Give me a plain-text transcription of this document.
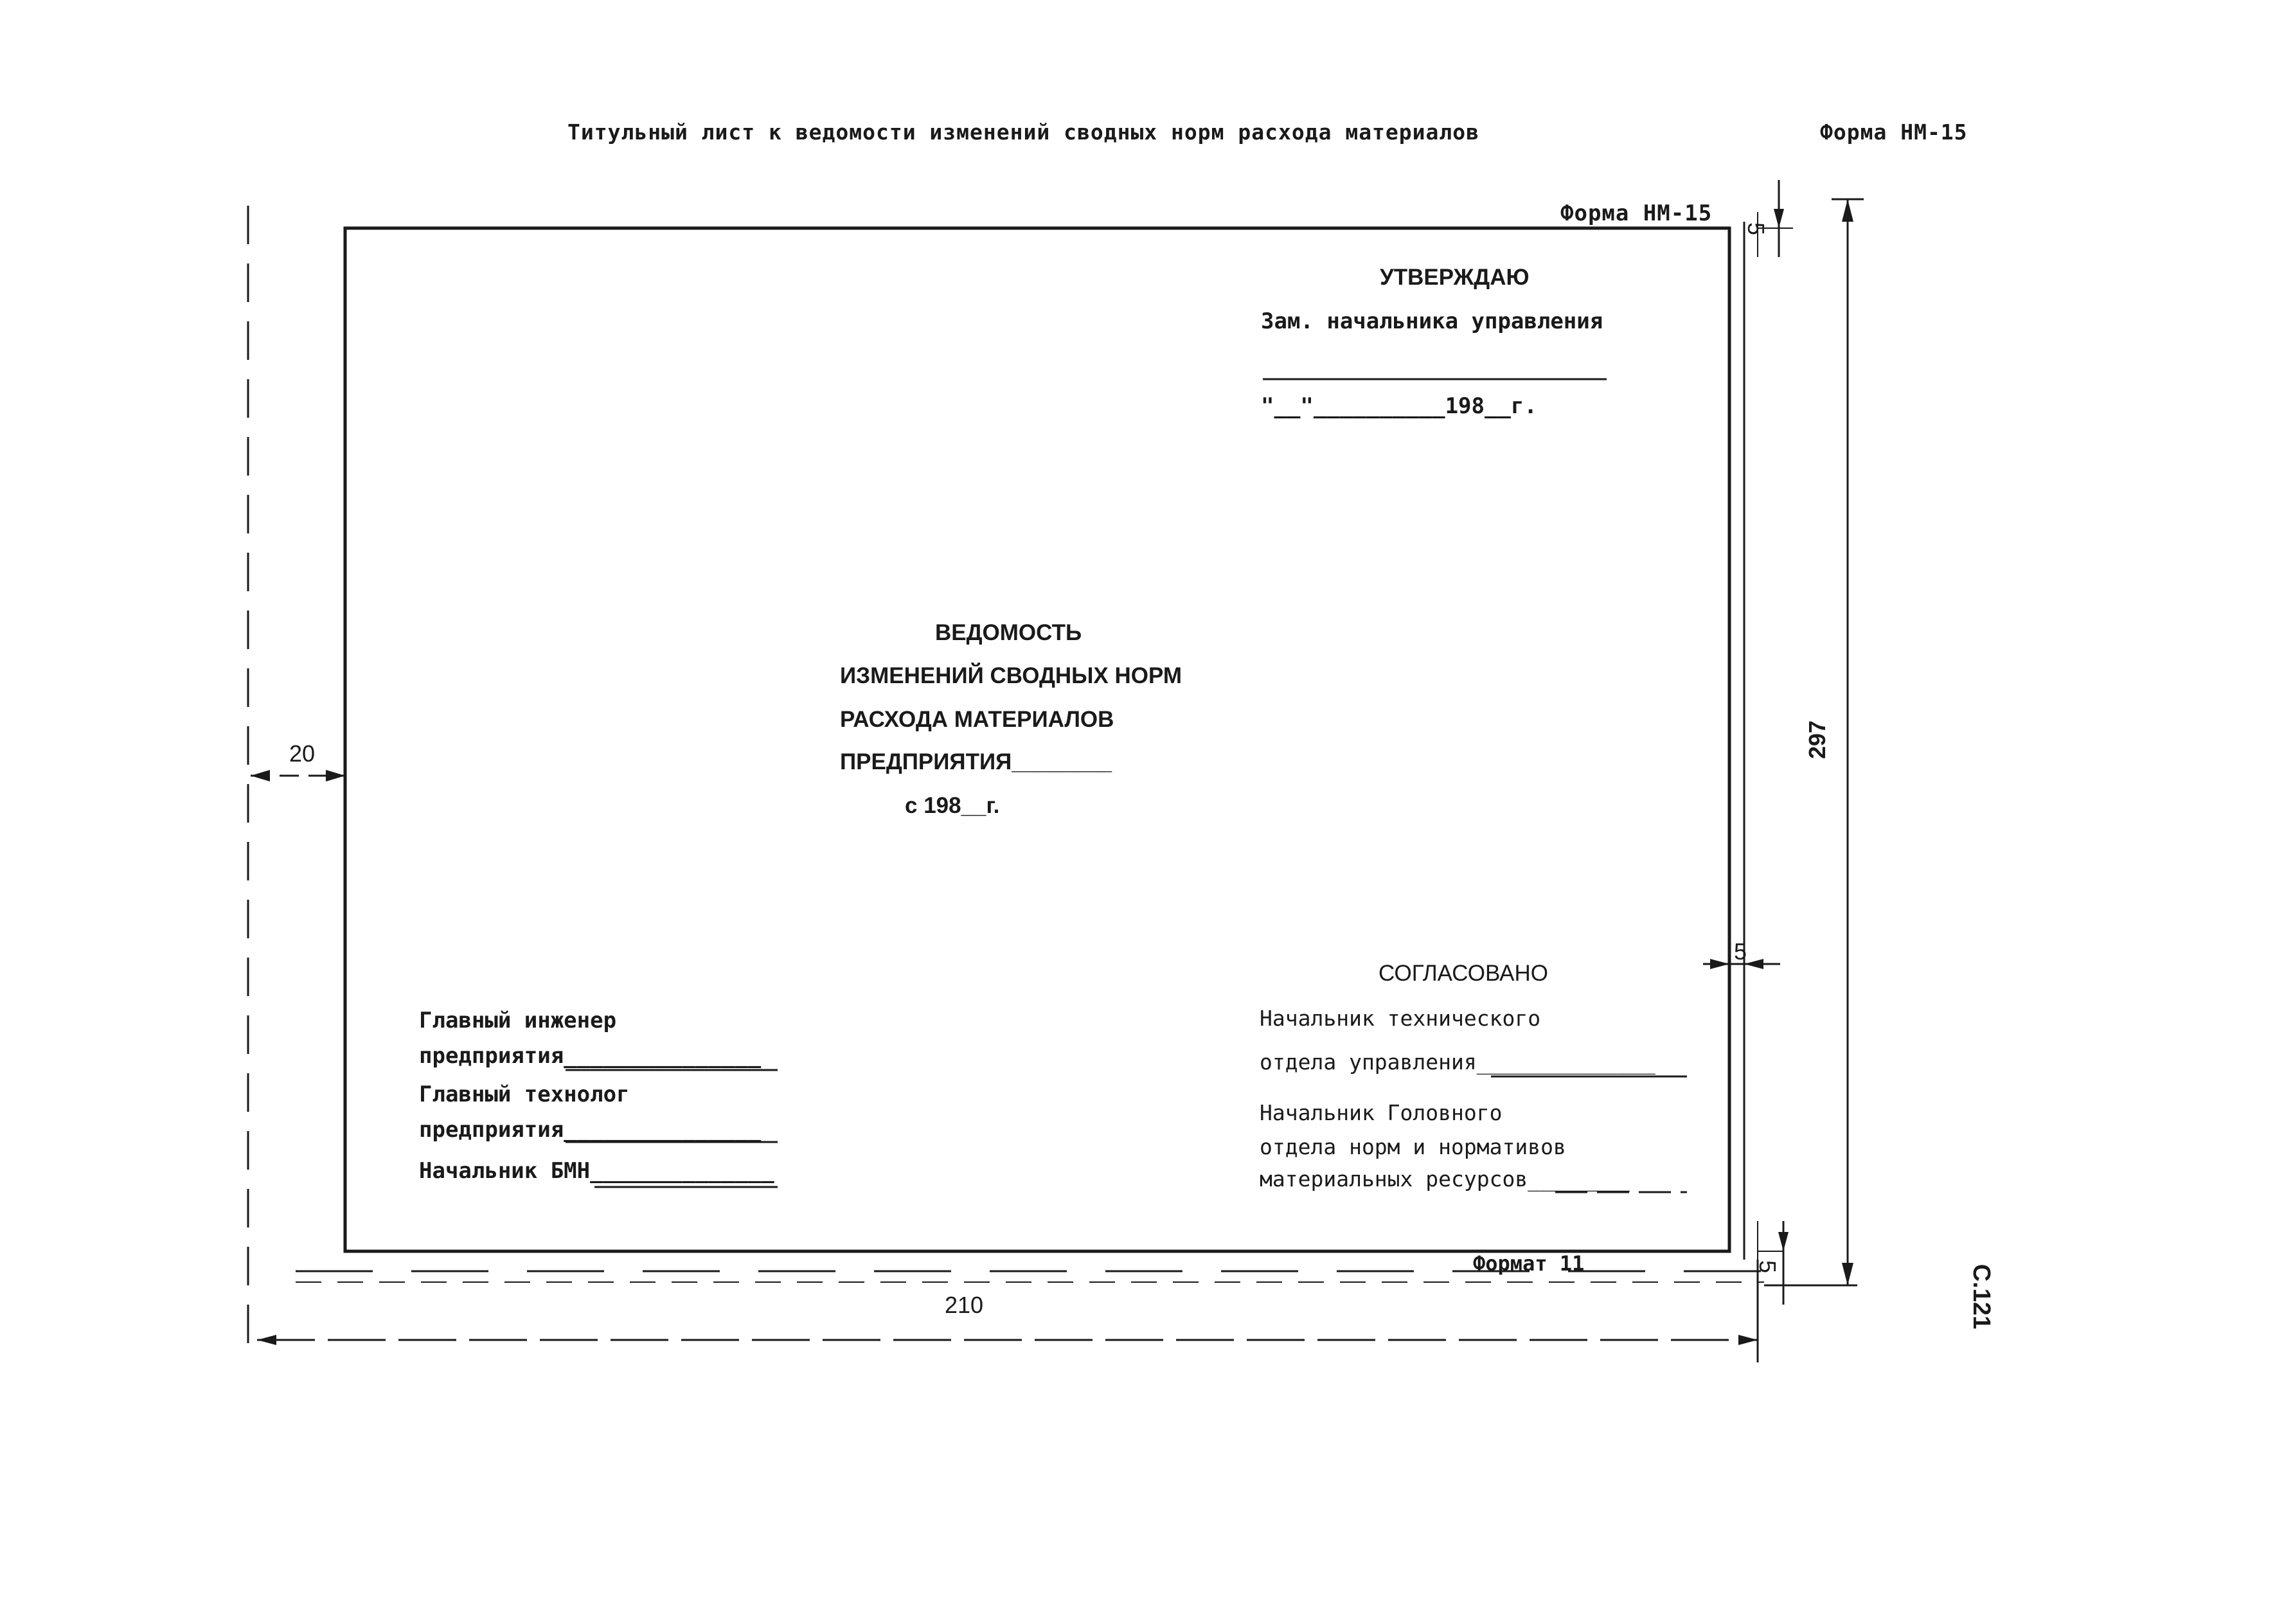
Титульный лист к ведомости изменений сводных норм расхода материалов	Форма НМ-15
Форма НМ-15
УТВЕРЖДАЮ
Зам. начальника управления
"__"__________198__г.
ВЕДОМОСТЬ
ИЗМЕНЕНИЙ СВОДНЫХ НОРМ
РАСХОДА МАТЕРИАЛОВ
ПРЕДПРИЯТИЯ________
с 198__г.
Главный инженер
предприятия_______________
Главный технолог
предприятия_______________
Начальник БМН______________
СОГЛАСОВАНО
Начальник технического
отдела управления______________
Начальник Головного
отдела норм и нормативов
материальных ресурсов________
Формат 11
20
5
5
5
297
210	С.121
